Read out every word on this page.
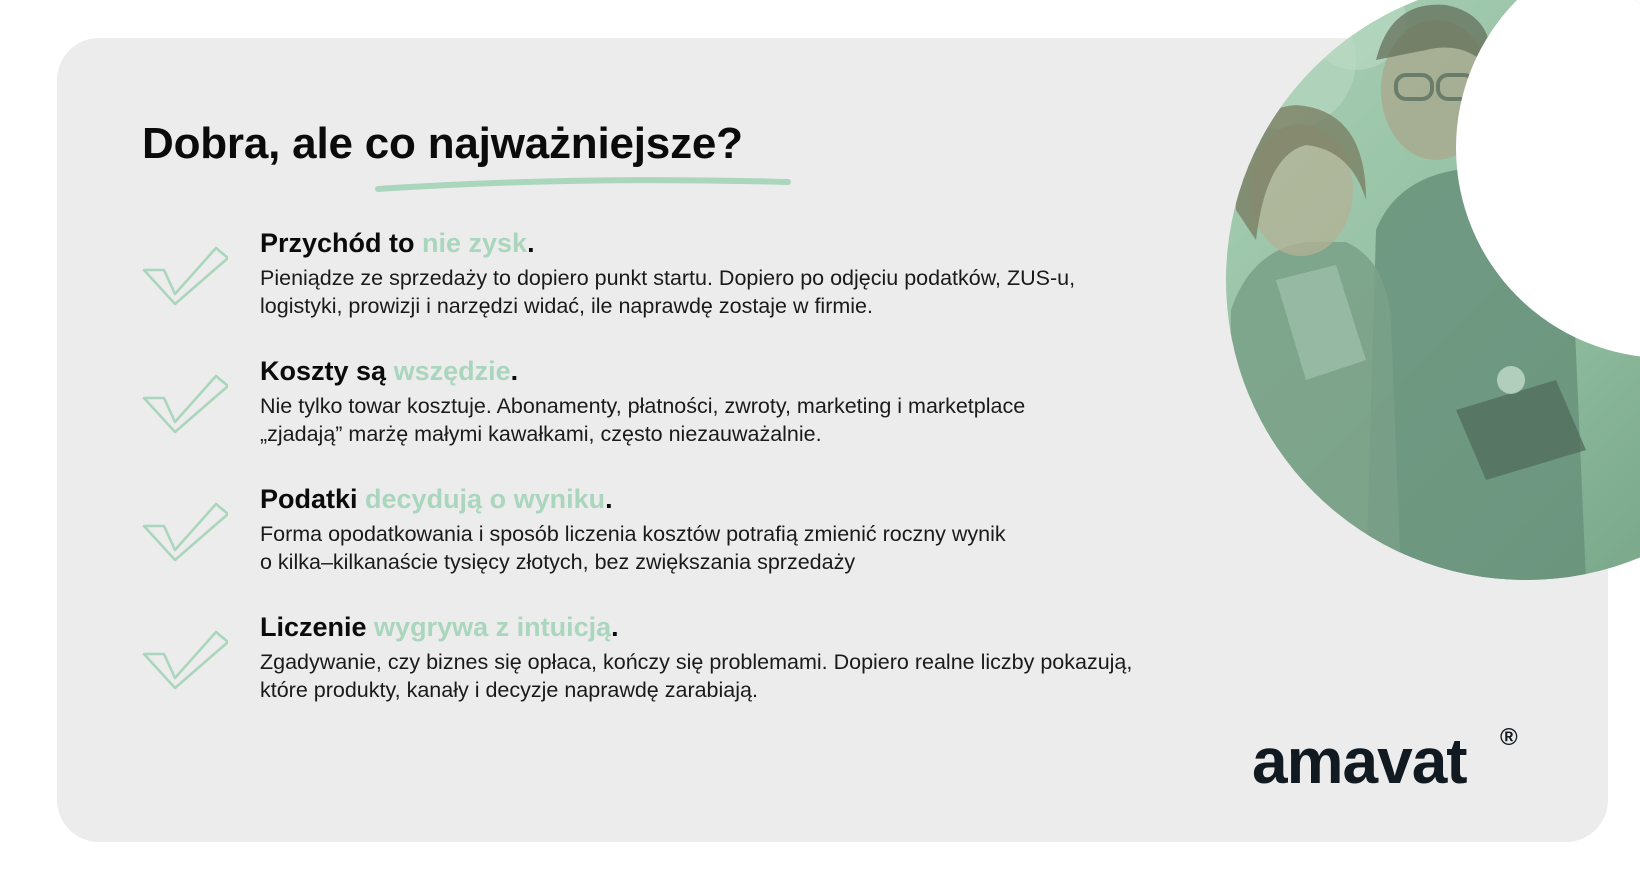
Dobra, ale co najważniejsze?
Przychód to nie zysk.

Pieniądze ze sprzedaży to dopiero punkt startu. Dopiero po odjęciu podatków, ZUS-u,
logistyki, prowizji i narzędzi widać, ile naprawdę zostaje w firmie.

Koszty są wszędzie.

Nie tylko towar kosztuje. Abonamenty, płatności, zwroty, marketing i marketplace
„zjadają” marżę małymi kawałkami, często niezauważalnie.

Podatki decydują o wyniku.

Forma opodatkowania i sposób liczenia kosztów potrafią zmienić roczny wynik
o kilka–kilkanaście tysięcy złotych, bez zwiększania sprzedaży

Liczenie wygrywa z intuicją.

Zgadywanie, czy biznes się opłaca, kończy się problemami. Dopiero realne liczby pokazują,
które produkty, kanały i decyzje naprawdę zarabiają.

amavat ®
